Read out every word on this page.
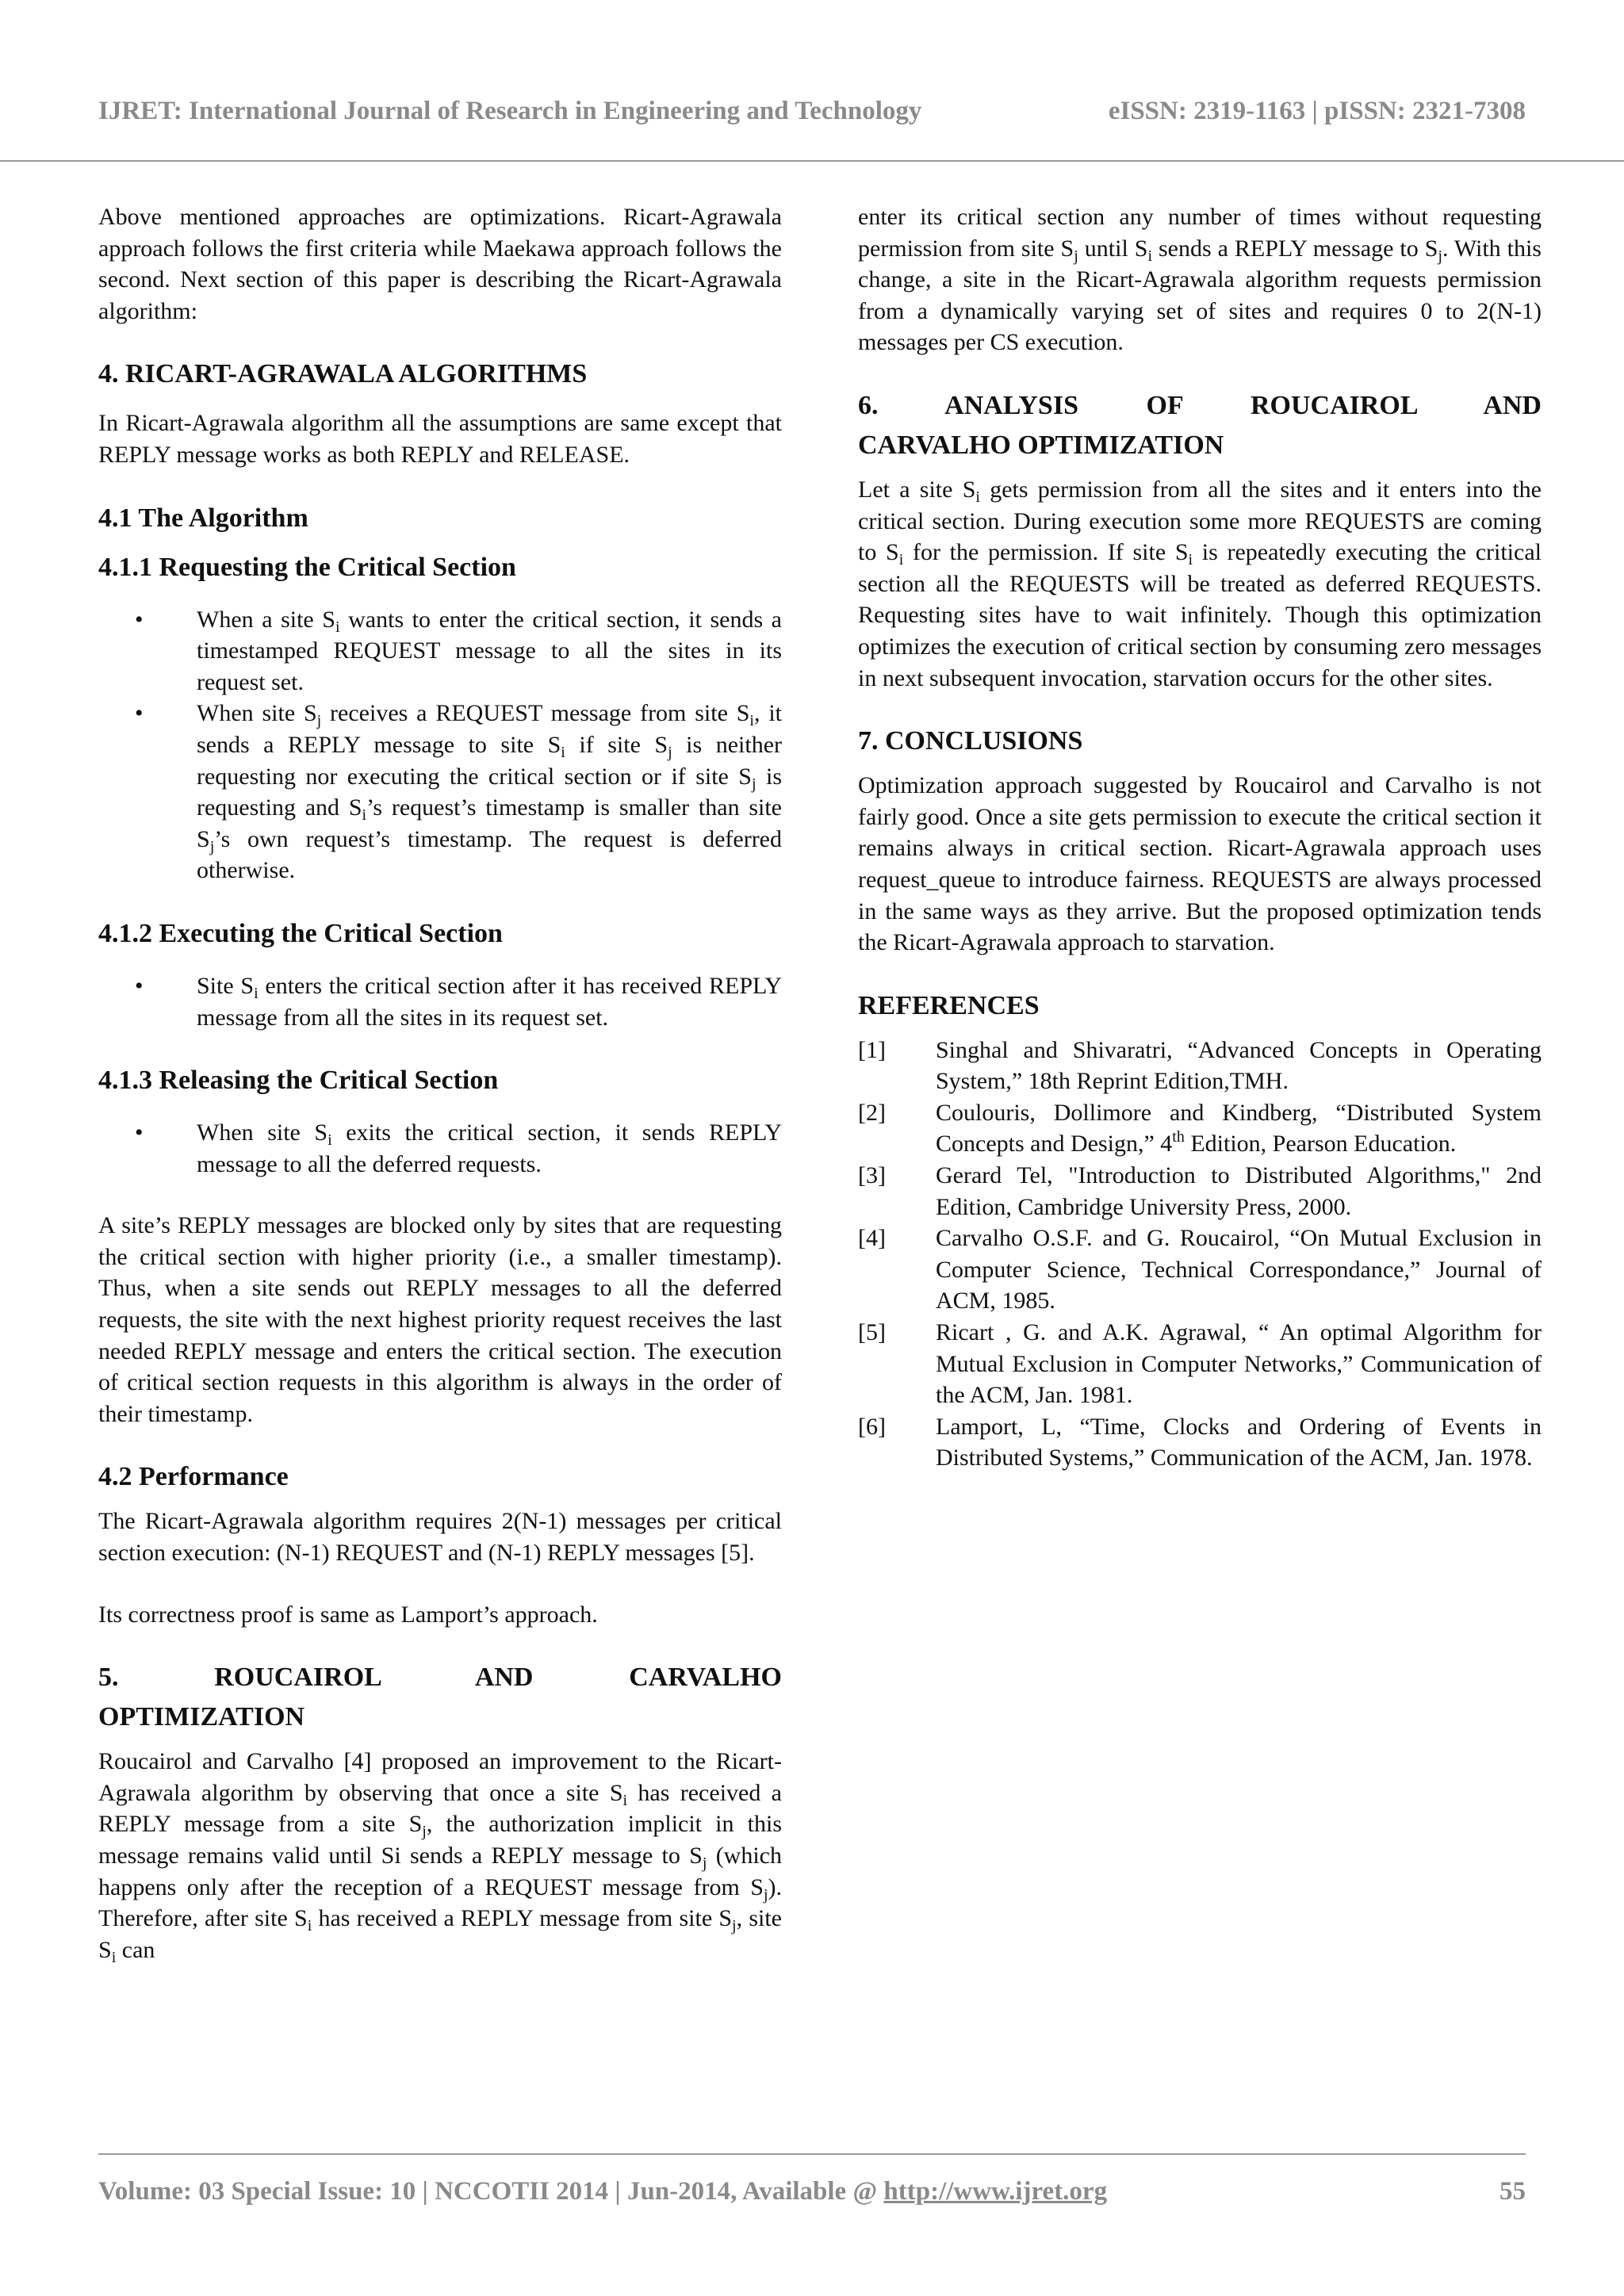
IJRET: International Journal of Research in Engineering and Technology	eISSN: 2319-1163 | pISSN: 2321-7308

Above mentioned approaches are optimizations. Ricart-Agrawala approach follows the first criteria while Maekawa approach follows the second. Next section of this paper is describing the Ricart-Agrawala algorithm:

4. RICART-AGRAWALA ALGORITHMS

In Ricart-Agrawala algorithm all the assumptions are same except that REPLY message works as both REPLY and RELEASE.

4.1 The Algorithm
4.1.1 Requesting the Critical Section
• When a site $S_i$ wants to enter the critical section, it sends a timestamped REQUEST message to all the sites in its request set.
• When site $S_j$ receives a REQUEST message from site $S_i$, it sends a REPLY message to site $S_i$ if site $S_j$ is neither requesting nor executing the critical section or if site $S_j$ is requesting and $S_i’s$ request’s timestamp is smaller than site $S_j’s$ own request’s timestamp. The request is deferred otherwise.
4.1.2 Executing the Critical Section
• Site $S_i$ enters the critical section after it has received REPLY message from all the sites in its request set.
4.1.3 Releasing the Critical Section
• When site $S_i$ exits the critical section, it sends REPLY message to all the deferred requests.

A site’s REPLY messages are blocked only by sites that are requesting the critical section with higher priority (i.e., a smaller timestamp). Thus, when a site sends out REPLY messages to all the deferred requests, the site with the next highest priority request receives the last needed REPLY message and enters the critical section. The execution of critical section requests in this algorithm is always in the order of their timestamp.

4.2 Performance

The Ricart-Agrawala algorithm requires 2(N-1) messages per critical section execution: (N-1) REQUEST and (N-1) REPLY messages [5].

Its correctness proof is same as Lamport’s approach.

5. ROUCAIROL AND CARVALHO
OPTIMIZATION

Roucairol and Carvalho [4] proposed an improvement to the Ricart-Agrawala algorithm by observing that once a site $S_i$ has received a REPLY message from a site $S_j$, the authorization implicit in this message remains valid until Si sends a REPLY message to $S_j$ (which happens only after the reception of a REQUEST message from $S_j$). Therefore, after site $S_i$ has received a REPLY message from site $S_j$, site $S_i$ can

enter its critical section any number of times without requesting permission from site $S_j$ until $S_i$ sends a REPLY message to $S_j$. With this change, a site in the Ricart-Agrawala algorithm requests permission from a dynamically varying set of sites and requires 0 to 2(N-1) messages per CS execution.

6. ANALYSIS OF ROUCAIROL AND
CARVALHO OPTIMIZATION

Let a site $S_i$ gets permission from all the sites and it enters into the critical section. During execution some more REQUESTS are coming to $S_i$ for the permission. If site $S_i$ is repeatedly executing the critical section all the REQUESTS will be treated as deferred REQUESTS. Requesting sites have to wait infinitely. Though this optimization optimizes the execution of critical section by consuming zero messages in next subsequent invocation, starvation occurs for the other sites.

7. CONCLUSIONS

Optimization approach suggested by Roucairol and Carvalho is not fairly good. Once a site gets permission to execute the critical section it remains always in critical section. Ricart-Agrawala approach uses request_queue to introduce fairness. REQUESTS are always processed in the same ways as they arrive. But the proposed optimization tends the Ricart-Agrawala approach to starvation.

REFERENCES
[1] Singhal and Shivaratri, “Advanced Concepts in Operating System,” 18th Reprint Edition,TMH.
[2] Coulouris, Dollimore and Kindberg, “Distributed System Concepts and Design,” 4th Edition, Pearson Education.
[3] Gerard Tel, "Introduction to Distributed Algorithms," 2nd Edition, Cambridge University Press, 2000.
[4] Carvalho O.S.F. and G. Roucairol, “On Mutual Exclusion in Computer Science, Technical Correspondance,” Journal of ACM, 1985.
[5] Ricart , G. and A.K. Agrawal, “ An optimal Algorithm for Mutual Exclusion in Computer Networks,” Communication of the ACM, Jan. 1981.
[6] Lamport, L, “Time, Clocks and Ordering of Events in Distributed Systems,” Communication of the ACM, Jan. 1978.
Volume: 03 Special Issue: 10 | NCCOTII 2014 | Jun-2014, Available @ http://www.ijret.org	55
